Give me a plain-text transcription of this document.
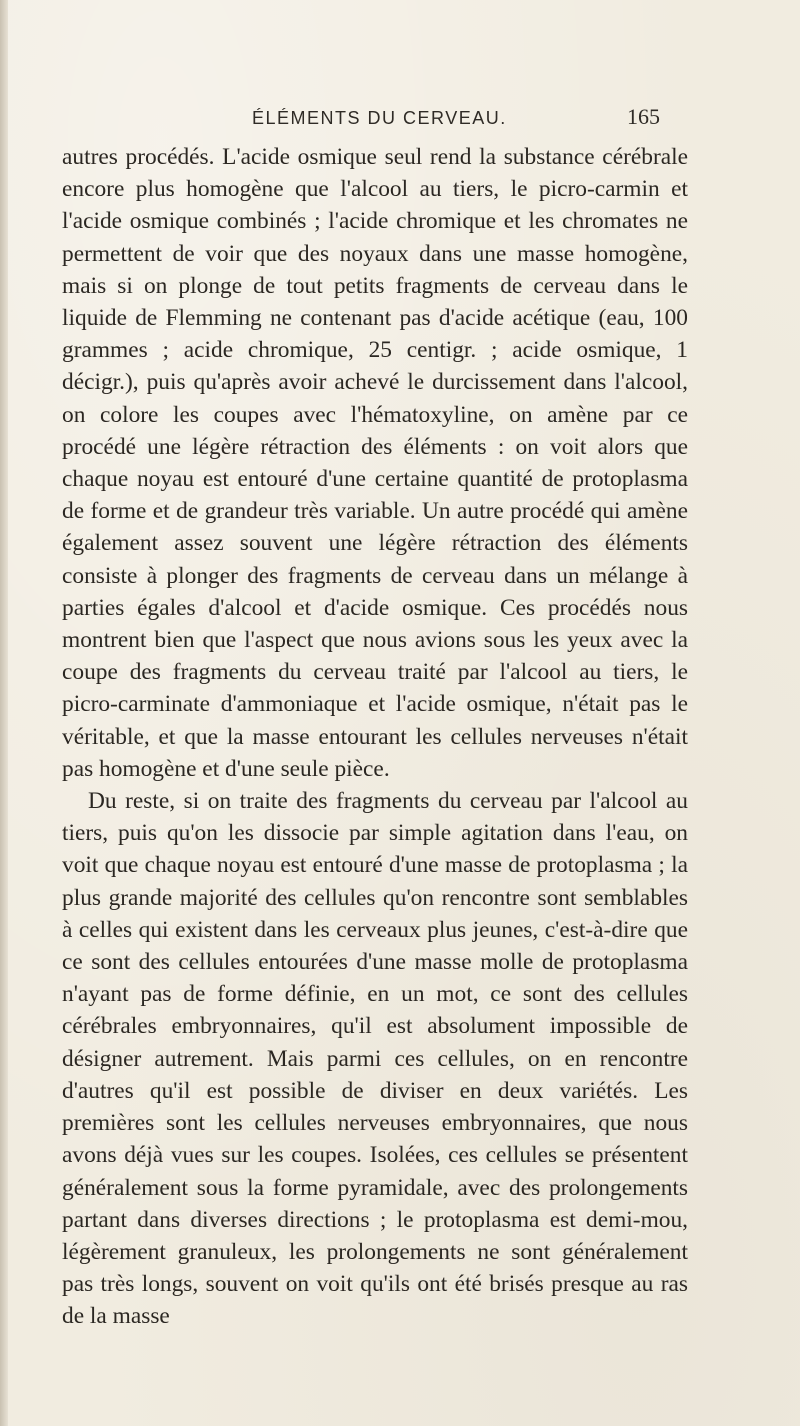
ÉLÉMENTS DU CERVEAU.	165

autres procédés. L'acide osmique seul rend la substance cérébrale encore plus homogène que l'alcool au tiers, le picro-carmin et l'acide osmique combinés ; l'acide chromique et les chromates ne permettent de voir que des noyaux dans une masse homogène, mais si on plonge de tout petits fragments de cerveau dans le liquide de Flemming ne contenant pas d'acide acétique (eau, 100 grammes ; acide chromique, 25 centigr. ; acide osmique, 1 décigr.), puis qu'après avoir achevé le durcissement dans l'alcool, on colore les coupes avec l'hématoxyline, on amène par ce procédé une légère rétraction des éléments : on voit alors que chaque noyau est entouré d'une certaine quantité de protoplasma de forme et de grandeur très variable. Un autre procédé qui amène également assez souvent une légère rétraction des éléments consiste à plonger des fragments de cerveau dans un mélange à parties égales d'alcool et d'acide osmique. Ces procédés nous montrent bien que l'aspect que nous avions sous les yeux avec la coupe des fragments du cerveau traité par l'alcool au tiers, le picro-carminate d'ammoniaque et l'acide osmique, n'était pas le véritable, et que la masse entourant les cellules nerveuses n'était pas homogène et d'une seule pièce.

Du reste, si on traite des fragments du cerveau par l'alcool au tiers, puis qu'on les dissocie par simple agitation dans l'eau, on voit que chaque noyau est entouré d'une masse de protoplasma ; la plus grande majorité des cellules qu'on rencontre sont semblables à celles qui existent dans les cerveaux plus jeunes, c'est-à-dire que ce sont des cellules entourées d'une masse molle de protoplasma n'ayant pas de forme définie, en un mot, ce sont des cellules cérébrales embryonnaires, qu'il est absolument impossible de désigner autrement. Mais parmi ces cellules, on en rencontre d'autres qu'il est possible de diviser en deux variétés. Les premières sont les cellules nerveuses embryonnaires, que nous avons déjà vues sur les coupes. Isolées, ces cellules se présentent généralement sous la forme pyramidale, avec des prolongements partant dans diverses directions ; le protoplasma est demi-mou, légèrement granuleux, les prolongements ne sont généralement pas très longs, souvent on voit qu'ils ont été brisés presque au ras de la masse
